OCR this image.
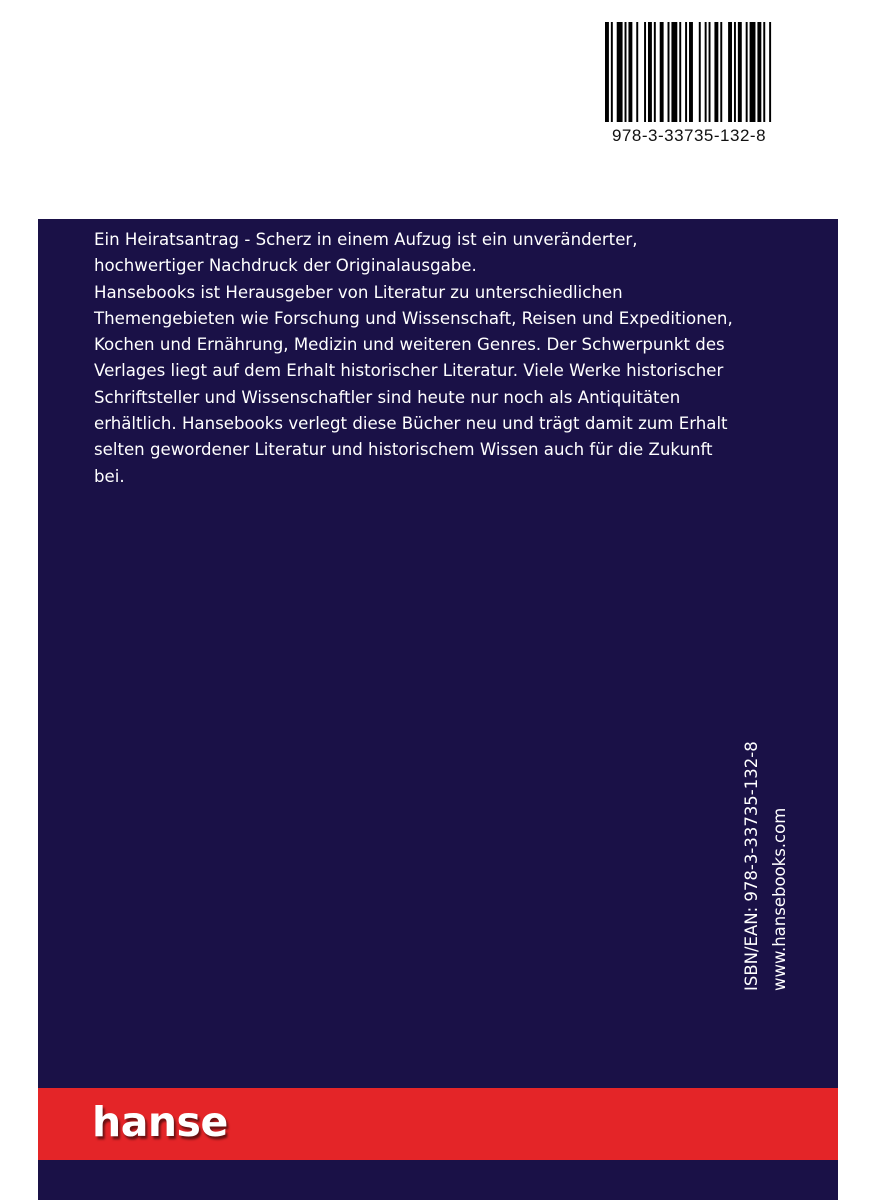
978-3-33735-132-8

Ein Heiratsantrag - Scherz in einem Aufzug ist ein unveränderter,

hochwertiger Nachdruck der Originalausgabe.

Hansebooks ist Herausgeber von Literatur zu unterschiedlichen

Themengebieten wie Forschung und Wissenschaft, Reisen und Expeditionen,

Kochen und Ernährung, Medizin und weiteren Genres. Der Schwerpunkt des

Verlages liegt auf dem Erhalt historischer Literatur. Viele Werke historischer

Schriftsteller und Wissenschaftler sind heute nur noch als Antiquitäten

erhältlich. Hansebooks verlegt diese Bücher neu und trägt damit zum Erhalt

selten gewordener Literatur und historischem Wissen auch für die Zukunft

bei.

ISBN/EAN: 978-3-33735-132-8 www.hansebooks.com
hanse
